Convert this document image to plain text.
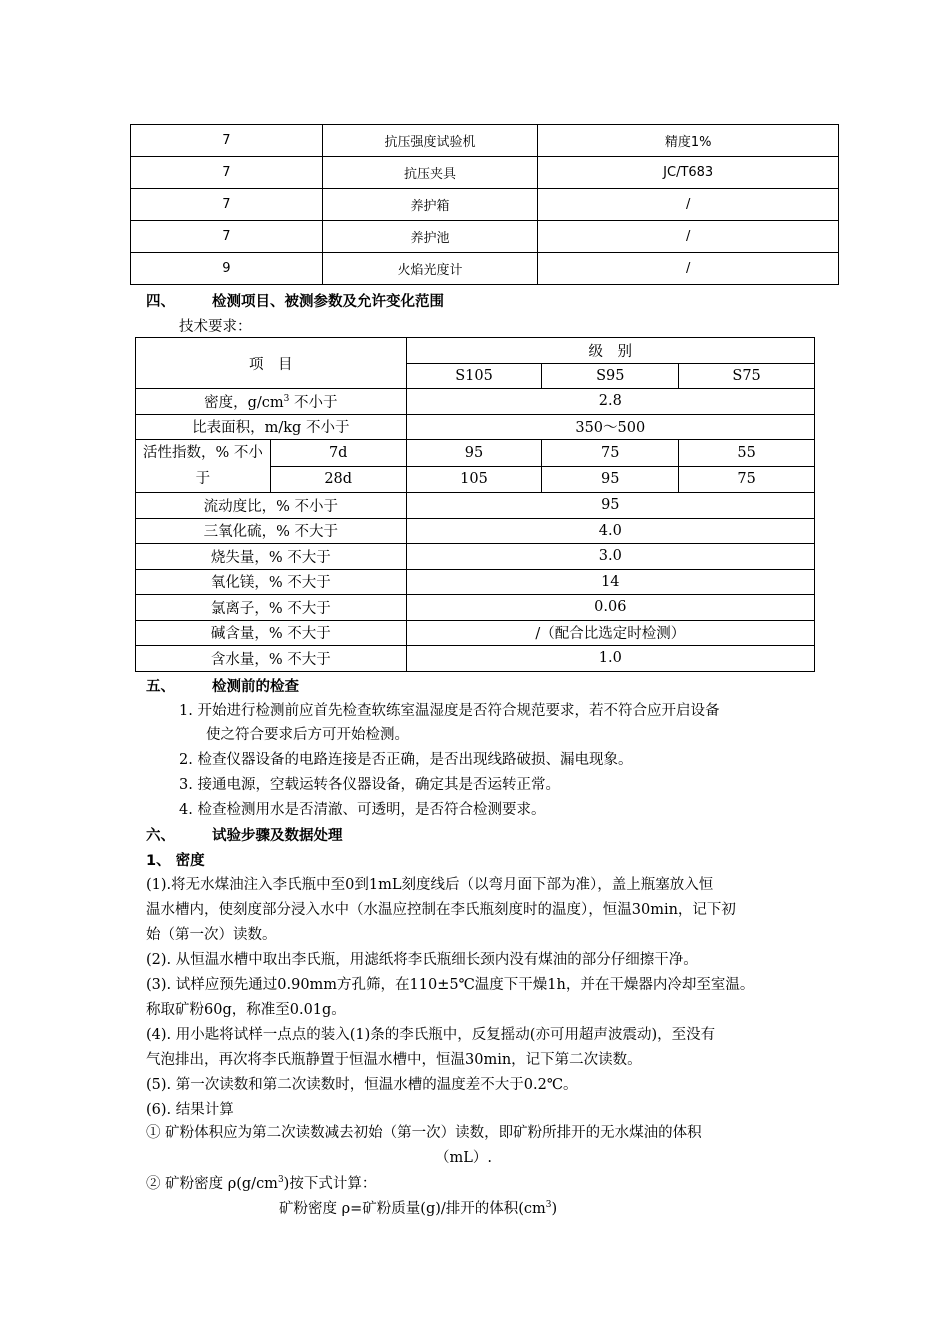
7	抗压强度试验机	精度1%
7	抗压夹具	JC/T683
7	养护箱	/
7	养护池	/
9	火焰光度计	/
四、	检测项目、被测参数及允许变化范围
技术要求：
项　目		级　别		
		S105	S95	S75
密度，$g/cm^3$ 不小于		2.8		
比表面积，m/kg 不小于		350～500		
活性指数，% 不小于	7d	95	75	55
	28d	105	95	75
流动度比，% 不小于		95		
三氧化硫，% 不大于		4.0		
烧失量，% 不大于		3.0		
氧化镁，% 不大于		14		
氯离子，% 不大于		0.06		
碱含量，% 不大于		/（配合比选定时检测）		
含水量，% 不大于		1.0		
五、	检测前的检查
1. 开始进行检测前应首先检查软练室温湿度是否符合规范要求，若不符合应开启设备
使之符合要求后方可开始检测。
2. 检查仪器设备的电路连接是否正确，是否出现线路破损、漏电现象。
3. 接通电源，空载运转各仪器设备，确定其是否运转正常。
4. 检查检测用水是否清澈、可透明，是否符合检测要求。
六、	试验步骤及数据处理
1、 密度
(1).将无水煤油注入李氏瓶中至0到1mL刻度线后（以弯月面下部为准），盖上瓶塞放入恒
温水槽内，使刻度部分浸入水中（水温应控制在李氏瓶刻度时的温度），恒温30min，记下初
始（第一次）读数。
(2). 从恒温水槽中取出李氏瓶，用滤纸将李氏瓶细长颈内没有煤油的部分仔细擦干净。
(3). 试样应预先通过0.90mm方孔筛，在110±5℃温度下干燥1h，并在干燥器内冷却至室温。
称取矿粉60g，称准至0.01g。
(4). 用小匙将试样一点点的装入(1)条的李氏瓶中，反复摇动(亦可用超声波震动)，至没有
气泡排出，再次将李氏瓶静置于恒温水槽中，恒温30min，记下第二次读数。
(5). 第一次读数和第二次读数时，恒温水槽的温度差不大于0.2℃。
(6). 结果计算
① 矿粉体积应为第二次读数减去初始（第一次）读数，即矿粉所排开的无水煤油的体积
（mL）.
② 矿粉密度 $\rho(g/cm^3)$按下式计算：
矿粉密度 ρ=矿粉质量(g)/排开的体积$(cm^3)$
